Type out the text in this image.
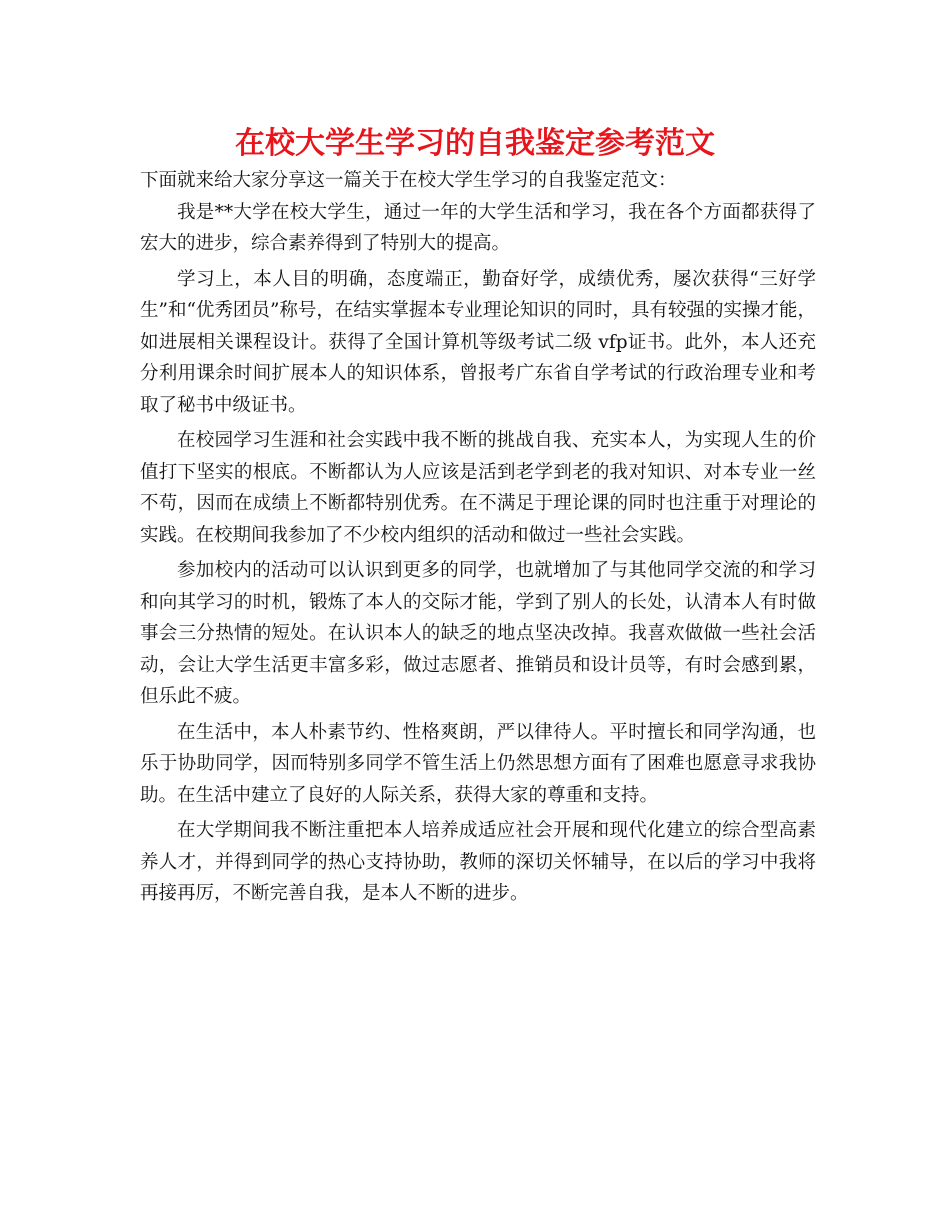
在校大学生学习的自我鉴定参考范文

下面就来给大家分享这一篇关于在校大学生学习的自我鉴定范文：

我是**大学在校大学生，通过一年的大学生活和学习，我在各个方面都获得了宏大的进步，综合素养得到了特别大的提高。

学习上，本人目的明确，态度端正，勤奋好学，成绩优秀，屡次获得“三好学生”和“优秀团员”称号，在结实掌握本专业理论知识的同时，具有较强的实操才能，如进展相关课程设计。获得了全国计算机等级考试二级 vfp证书。此外，本人还充分利用课余时间扩展本人的知识体系，曾报考广东省自学考试的行政治理专业和考取了秘书中级证书。

在校园学习生涯和社会实践中我不断的挑战自我、充实本人，为实现人生的价值打下坚实的根底。不断都认为人应该是活到老学到老的我对知识、对本专业一丝不苟，因而在成绩上不断都特别优秀。在不满足于理论课的同时也注重于对理论的实践。在校期间我参加了不少校内组织的活动和做过一些社会实践。

参加校内的活动可以认识到更多的同学，也就增加了与其他同学交流的和学习和向其学习的时机，锻炼了本人的交际才能，学到了别人的长处，认清本人有时做事会三分热情的短处。在认识本人的缺乏的地点坚决改掉。我喜欢做做一些社会活动，会让大学生活更丰富多彩，做过志愿者、推销员和设计员等，有时会感到累，但乐此不疲。

在生活中，本人朴素节约、性格爽朗，严以律待人。平时擅长和同学沟通，也乐于协助同学，因而特别多同学不管生活上仍然思想方面有了困难也愿意寻求我协助。在生活中建立了良好的人际关系，获得大家的尊重和支持。

在大学期间我不断注重把本人培养成适应社会开展和现代化建立的综合型高素养人才，并得到同学的热心支持协助，教师的深切关怀辅导，在以后的学习中我将再接再厉，不断完善自我，是本人不断的进步。
